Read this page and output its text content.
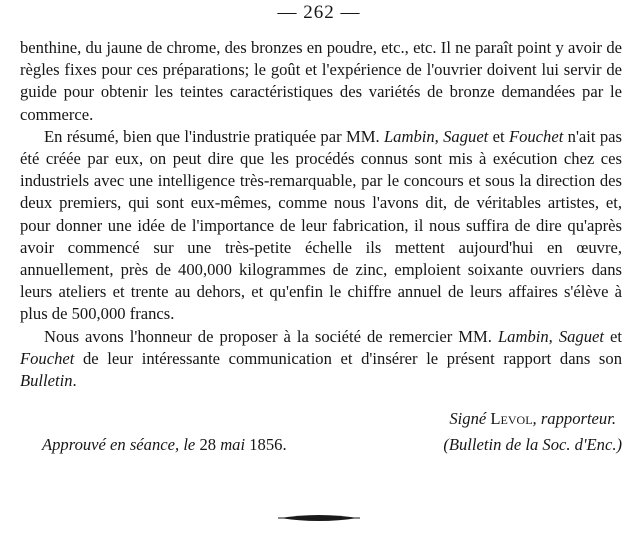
— 262 —

benthine, du jaune de chrome, des bronzes en poudre, etc., etc. Il ne paraît point y avoir de règles fixes pour ces préparations; le goût et l'expérience de l'ouvrier doivent lui servir de guide pour obtenir les teintes caractéristiques des variétés de bronze demandées par le commerce.

En résumé, bien que l'industrie pratiquée par MM. Lambin, Saguet et Fouchet n'ait pas été créée par eux, on peut dire que les procédés connus sont mis à exécution chez ces industriels avec une intelligence très-remarquable, par le concours et sous la direction des deux premiers, qui sont eux-mêmes, comme nous l'avons dit, de véritables artistes, et, pour donner une idée de l'importance de leur fabrication, il nous suffira de dire qu'après avoir commencé sur une très-petite échelle ils mettent aujourd'hui en œuvre, annuellement, près de 400,000 kilogrammes de zinc, emploient soixante ouvriers dans leurs ateliers et trente au dehors, et qu'enfin le chiffre annuel de leurs affaires s'élève à plus de 500,000 francs.

Nous avons l'honneur de proposer à la société de remercier MM. Lambin, Saguet et Fouchet de leur intéressante communication et d'insérer le présent rapport dans son Bulletin.

Signé Levol, rapporteur.
Approuvé en séance, le 28 mai 1856.	(Bulletin de la Soc. d'Enc.)
